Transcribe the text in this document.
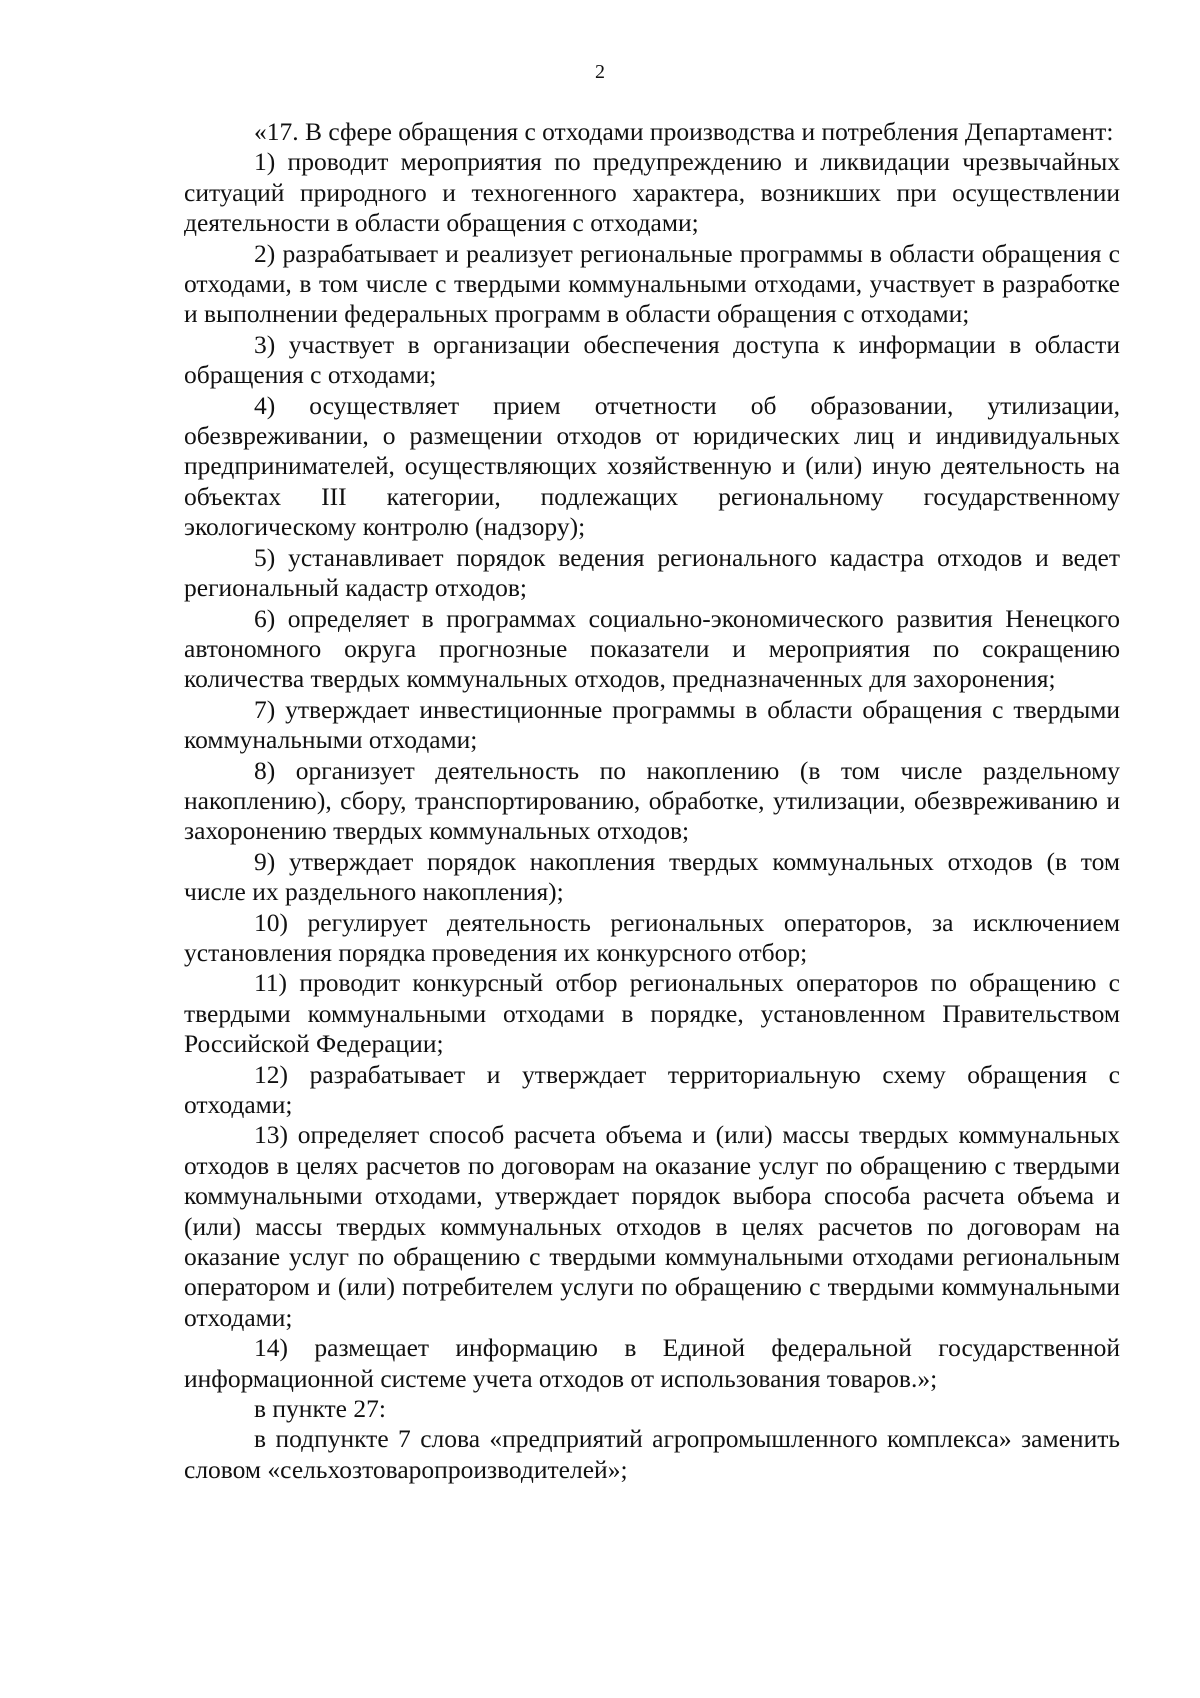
2

«17. В сфере обращения с отходами производства и потребления Департамент:

1) проводит мероприятия по предупреждению и ликвидации чрезвычайных ситуаций природного и техногенного характера, возникших при осуществлении деятельности в области обращения с отходами;

2) разрабатывает и реализует региональные программы в области обращения с отходами, в том числе с твердыми коммунальными отходами, участвует в разработке и выполнении федеральных программ в области обращения с отходами;

3) участвует в организации обеспечения доступа к информации в области обращения с отходами;

4) осуществляет прием отчетности об образовании, утилизации, обезвреживании, о размещении отходов от юридических лиц и индивидуальных предпринимателей, осуществляющих хозяйственную и (или) иную деятельность на объектах III категории, подлежащих региональному государственному экологическому контролю (надзору);

5) устанавливает порядок ведения регионального кадастра отходов и ведет региональный кадастр отходов;

6) определяет в программах социально-экономического развития Ненецкого автономного округа прогнозные показатели и мероприятия по сокращению количества твердых коммунальных отходов, предназначенных для захоронения;

7) утверждает инвестиционные программы в области обращения с твердыми коммунальными отходами;

8) организует деятельность по накоплению (в том числе раздельному накоплению), сбору, транспортированию, обработке, утилизации, обезвреживанию и захоронению твердых коммунальных отходов;

9) утверждает порядок накопления твердых коммунальных отходов (в том числе их раздельного накопления);

10) регулирует деятельность региональных операторов, за исключением установления порядка проведения их конкурсного отбор;

11) проводит конкурсный отбор региональных операторов по обращению с твердыми коммунальными отходами в порядке, установленном Правительством Российской Федерации;

12) разрабатывает и утверждает территориальную схему обращения с отходами;

13) определяет способ расчета объема и (или) массы твердых коммунальных отходов в целях расчетов по договорам на оказание услуг по обращению с твердыми коммунальными отходами, утверждает порядок выбора способа расчета объема и (или) массы твердых коммунальных отходов в целях расчетов по договорам на оказание услуг по обращению с твердыми коммунальными отходами региональным оператором и (или) потребителем услуги по обращению с твердыми коммунальными отходами;

14) размещает информацию в Единой федеральной государственной информационной системе учета отходов от использования товаров.»;

в пункте 27:

в подпункте 7 слова «предприятий агропромышленного комплекса» заменить словом «сельхозтоваропроизводителей»;
